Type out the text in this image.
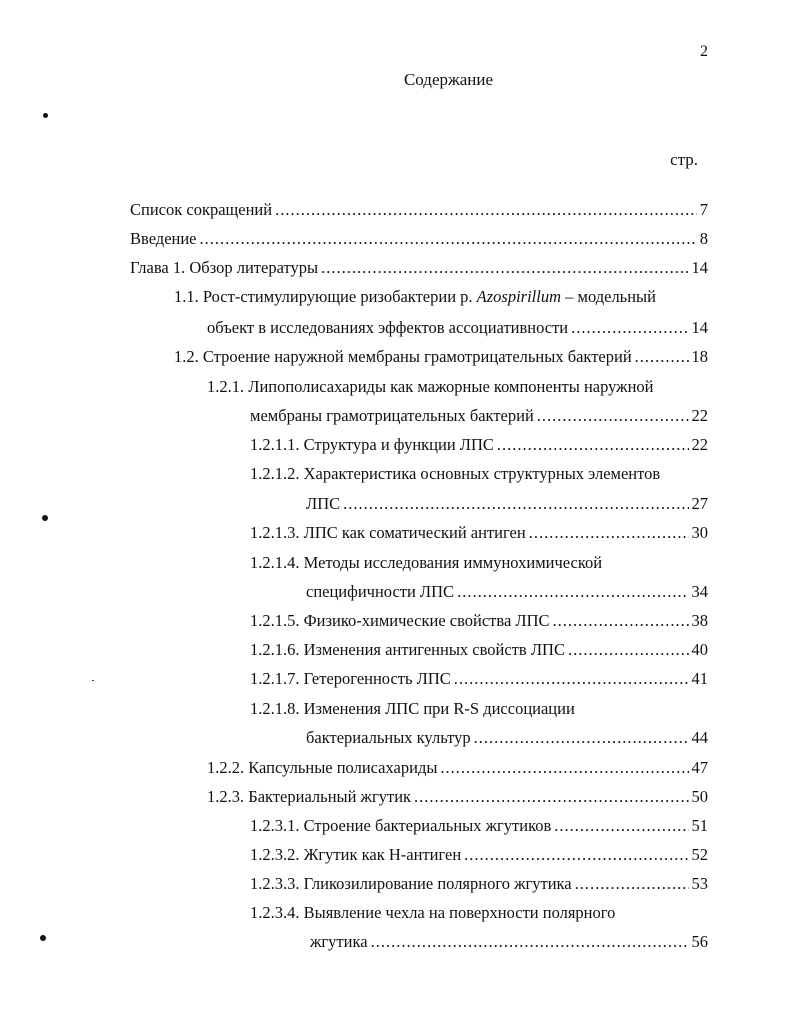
2
Содержание
стр.
Список сокращений .....	7
Введение .....	8
Глава 1. Обзор литературы .....	14
1.1. Рост-стимулирующие ризобактерии р. Azospirillum – модельный
объект в исследованиях эффектов ассоциативности .....	14
1.2.
Строение наружной мембраны грамотрицательных бактерий .....	18
1.2.1. Липополисахариды как мажорные компоненты наружной
мембраны грамотрицательных бактерий .....	22
1.2.1.1.
Структура и функции ЛПС .....	22
1.2.1.2. Характеристика основных структурных элементов
ЛПС .....	27
1.2.1.3.
ЛПС как соматический антиген .....	30
1.2.1.4. Методы исследования иммунохимической
специфичности ЛПС .....	34
1.2.1.5.
Физико-химические свойства ЛПС .....	38
1.2.1.6.
Изменения антигенных свойств ЛПС .....	40
1.2.1.7.
Гетерогенность ЛПС .....	41
1.2.1.8. Изменения ЛПС при R-S диссоциации
бактериальных культур .....	44
1.2.2.
Капсульные полисахариды .....	47
1.2.3.
Бактериальный жгутик .....	50
1.2.3.1.
Строение бактериальных жгутиков .....	51
1.2.3.2.
Жгутик как Н-антиген .....	52
1.2.3.3.
Гликозилирование полярного жгутика .....	53
1.2.3.4. Выявление чехла на поверхности полярного
жгутика .....	56
